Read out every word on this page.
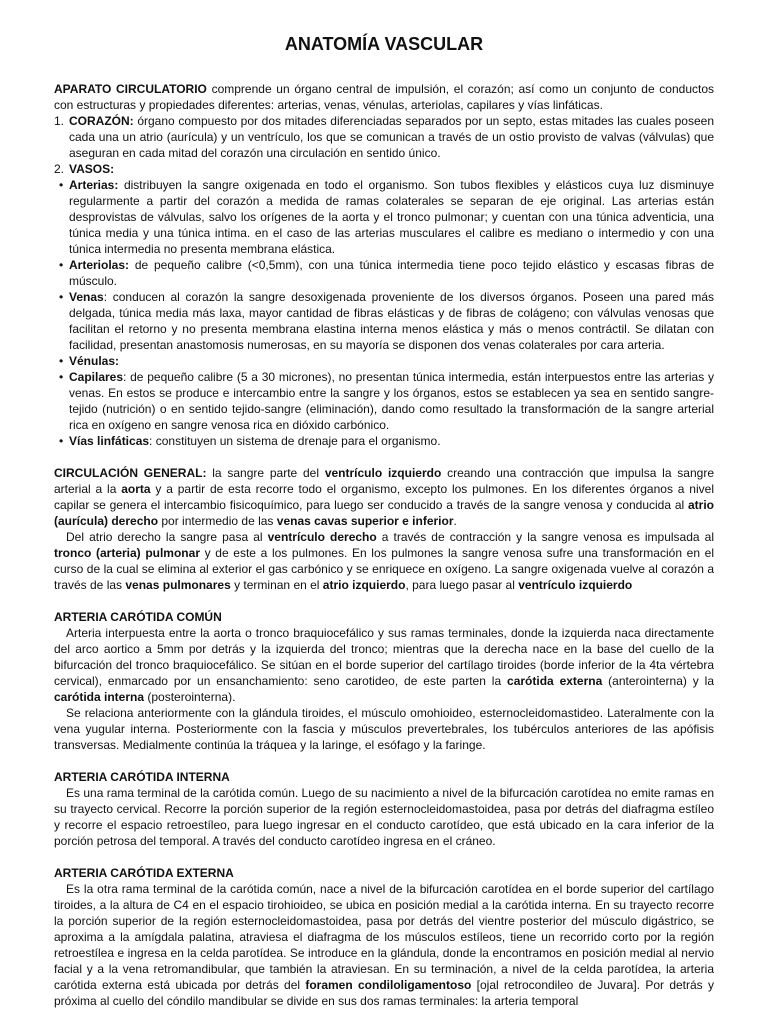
ANATOMÍA VASCULAR

APARATO CIRCULATORIO comprende un órgano central de impulsión, el corazón; así como un conjunto de conductos con estructuras y propiedades diferentes: arterias, venas, vénulas, arteriolas, capilares y vías linfáticas.

1. CORAZÓN: órgano compuesto por dos mitades diferenciadas separados por un septo, estas mitades las cuales poseen cada una un atrio (aurícula) y un ventrículo, los que se comunican a través de un ostio provisto de valvas (válvulas) que aseguran en cada mitad del corazón una circulación en sentido único.
2. VASOS:
• Arterias: distribuyen la sangre oxigenada en todo el organismo. Son tubos flexibles y elásticos cuya luz disminuye regularmente a partir del corazón a medida de ramas colaterales se separan de eje original. Las arterias están desprovistas de válvulas, salvo los orígenes de la aorta y el tronco pulmonar; y cuentan con una túnica adventicia, una túnica media y una túnica intima. en el caso de las arterias musculares el calibre es mediano o intermedio y con una túnica intermedia no presenta membrana elástica.
• Arteriolas: de pequeño calibre (<0,5mm), con una túnica intermedia tiene poco tejido elástico y escasas fibras de músculo.
• Venas: conducen al corazón la sangre desoxigenada proveniente de los diversos órganos. Poseen una pared más delgada, túnica media más laxa, mayor cantidad de fibras elásticas y de fibras de colágeno; con válvulas venosas que facilitan el retorno y no presenta membrana elastina interna menos elástica y más o menos contráctil. Se dilatan con facilidad, presentan anastomosis numerosas, en su mayoría se disponen dos venas colaterales por cara arteria.
• Vénulas:
• Capilares: de pequeño calibre (5 a 30 micrones), no presentan túnica intermedia, están interpuestos entre las arterias y venas. En estos se produce e intercambio entre la sangre y los órganos, estos se establecen ya sea en sentido sangre-tejido (nutrición) o en sentido tejido-sangre (eliminación), dando como resultado la transformación de la sangre arterial rica en oxígeno en sangre venosa rica en dióxido carbónico.
• Vías linfáticas: constituyen un sistema de drenaje para el organismo.

CIRCULACIÓN GENERAL: la sangre parte del ventrículo izquierdo creando una contracción que impulsa la sangre arterial a la aorta y a partir de esta recorre todo el organismo, excepto los pulmones. En los diferentes órganos a nivel capilar se genera el intercambio fisicoquímico, para luego ser conducido a través de la sangre venosa y conducida al atrio (aurícula) derecho por intermedio de las venas cavas superior e inferior.

Del atrio derecho la sangre pasa al ventrículo derecho a través de contracción y la sangre venosa es impulsada al tronco (arteria) pulmonar y de este a los pulmones. En los pulmones la sangre venosa sufre una transformación en el curso de la cual se elimina al exterior el gas carbónico y se enriquece en oxígeno. La sangre oxigenada vuelve al corazón a través de las venas pulmonares y terminan en el atrio izquierdo, para luego pasar al ventrículo izquierdo

ARTERIA CARÓTIDA COMÚN

Arteria interpuesta entre la aorta o tronco braquiocefálico y sus ramas terminales, donde la izquierda naca directamente del arco aortico a 5mm por detrás y la izquierda del tronco; mientras que la derecha nace en la base del cuello de la bifurcación del tronco braquiocefálico. Se sitúan en el borde superior del cartílago tiroides (borde inferior de la 4ta vértebra cervical), enmarcado por un ensanchamiento: seno carotideo, de este parten la carótida externa (anterointerna) y la carótida interna (posterointerna).

Se relaciona anteriormente con la glándula tiroides, el músculo omohioideo, esternocleidomastideo. Lateralmente con la vena yugular interna. Posteriormente con la fascia y músculos prevertebrales, los tubérculos anteriores de las apófisis transversas. Medialmente continúa la tráquea y la laringe, el esófago y la faringe.

ARTERIA CARÓTIDA INTERNA

Es una rama terminal de la carótida común. Luego de su nacimiento a nivel de la bifurcación carotídea no emite ramas en su trayecto cervical. Recorre la porción superior de la región esternocleidomastoidea, pasa por detrás del diafragma estíleo y recorre el espacio retroestíleo, para luego ingresar en el conducto carotídeo, que está ubicado en la cara inferior de la porción petrosa del temporal. A través del conducto carotídeo ingresa en el cráneo.

ARTERIA CARÓTIDA EXTERNA

Es la otra rama terminal de la carótida común, nace a nivel de la bifurcación carotídea en el borde superior del cartílago tiroides, a la altura de C4 en el espacio tirohioideo, se ubica en posición medial a la carótida interna. En su trayecto recorre la porción superior de la región esternocleidomastoidea, pasa por detrás del vientre posterior del músculo digástrico, se aproxima a la amígdala palatina, atraviesa el diafragma de los músculos estíleos, tiene un recorrido corto por la región retroestílea e ingresa en la celda parotídea. Se introduce en la glándula, donde la encontramos en posición medial al nervio facial y a la vena retromandibular, que también la atraviesan. En su terminación, a nivel de la celda parotídea, la arteria carótida externa está ubicada por detrás del foramen condiloligamentoso [ojal retrocondileo de Juvara]. Por detrás y próxima al cuello del cóndilo mandibular se divide en sus dos ramas terminales: la arteria temporal
